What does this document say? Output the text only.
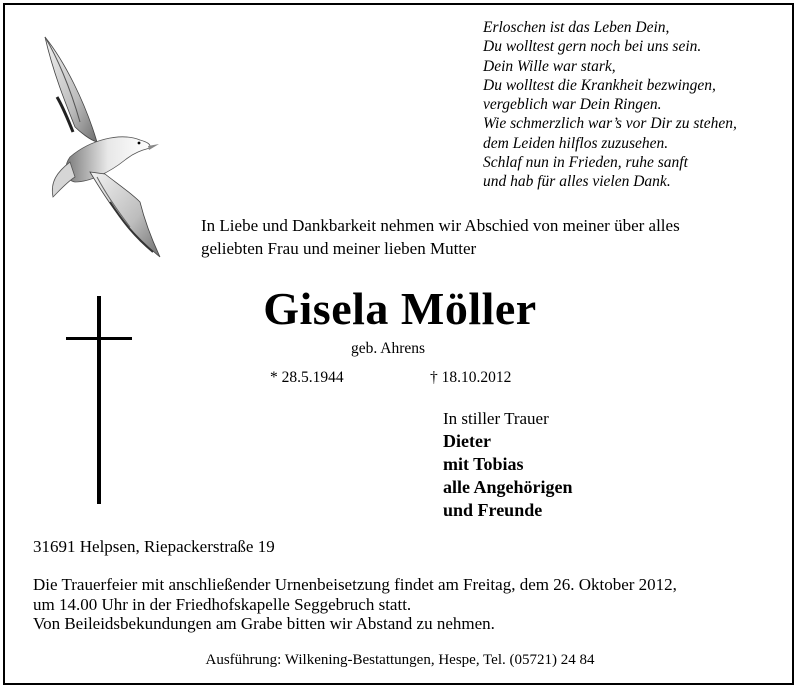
Erloschen ist das Leben Dein,
Du wolltest gern noch bei uns sein.
Dein Wille war stark,
Du wolltest die Krankheit bezwingen,
vergeblich war Dein Ringen.
Wie schmerzlich war’s vor Dir zu stehen,
dem Leiden hilflos zuzusehen.
Schlaf nun in Frieden, ruhe sanft
und hab für alles vielen Dank.
In Liebe und Dankbarkeit nehmen wir Abschied von meiner über alles
geliebten Frau und meiner lieben Mutter
Gisela Möller
geb. Ahrens
* 28.5.1944	† 18.10.2012
In stiller Trauer
Dieter
mit Tobias
alle Angehörigen
und Freunde
31691 Helpsen, Riepackerstraße 19
Die Trauerfeier mit anschließender Urnenbeisetzung findet am Freitag, dem 26. Oktober 2012,
um 14.00 Uhr in der Friedhofskapelle Seggebruch statt.
Von Beileidsbekundungen am Grabe bitten wir Abstand zu nehmen.
Ausführung: Wilkening-Bestattungen, Hespe, Tel. (05721) 24 84
